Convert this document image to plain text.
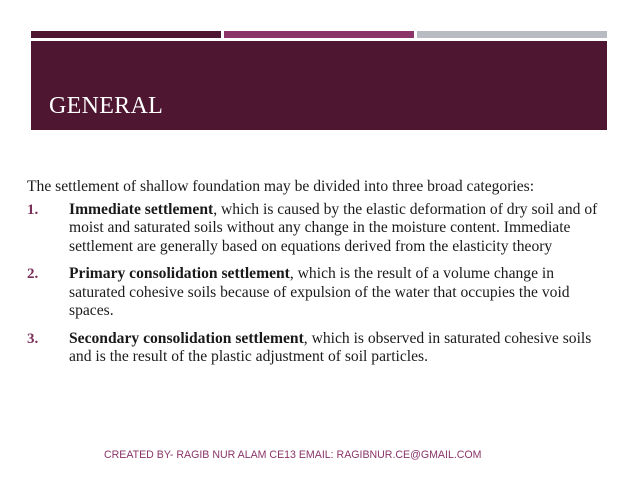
GENERAL

The settlement of shallow foundation may be divided into three broad categories:

1. Immediate settlement, which is caused by the elastic deformation of dry soil and of moist and saturated soils without any change in the moisture content. Immediate settlement are generally based on equations derived from the elasticity theory
2. Primary consolidation settlement, which is the result of a volume change in saturated cohesive soils because of expulsion of the water that occupies the void spaces.
3. Secondary consolidation settlement, which is observed in saturated cohesive soils and is the result of the plastic adjustment of soil particles.

CREATED BY- RAGIB NUR ALAM CE13 EMAIL: RAGIBNUR.CE@GMAIL.COM
